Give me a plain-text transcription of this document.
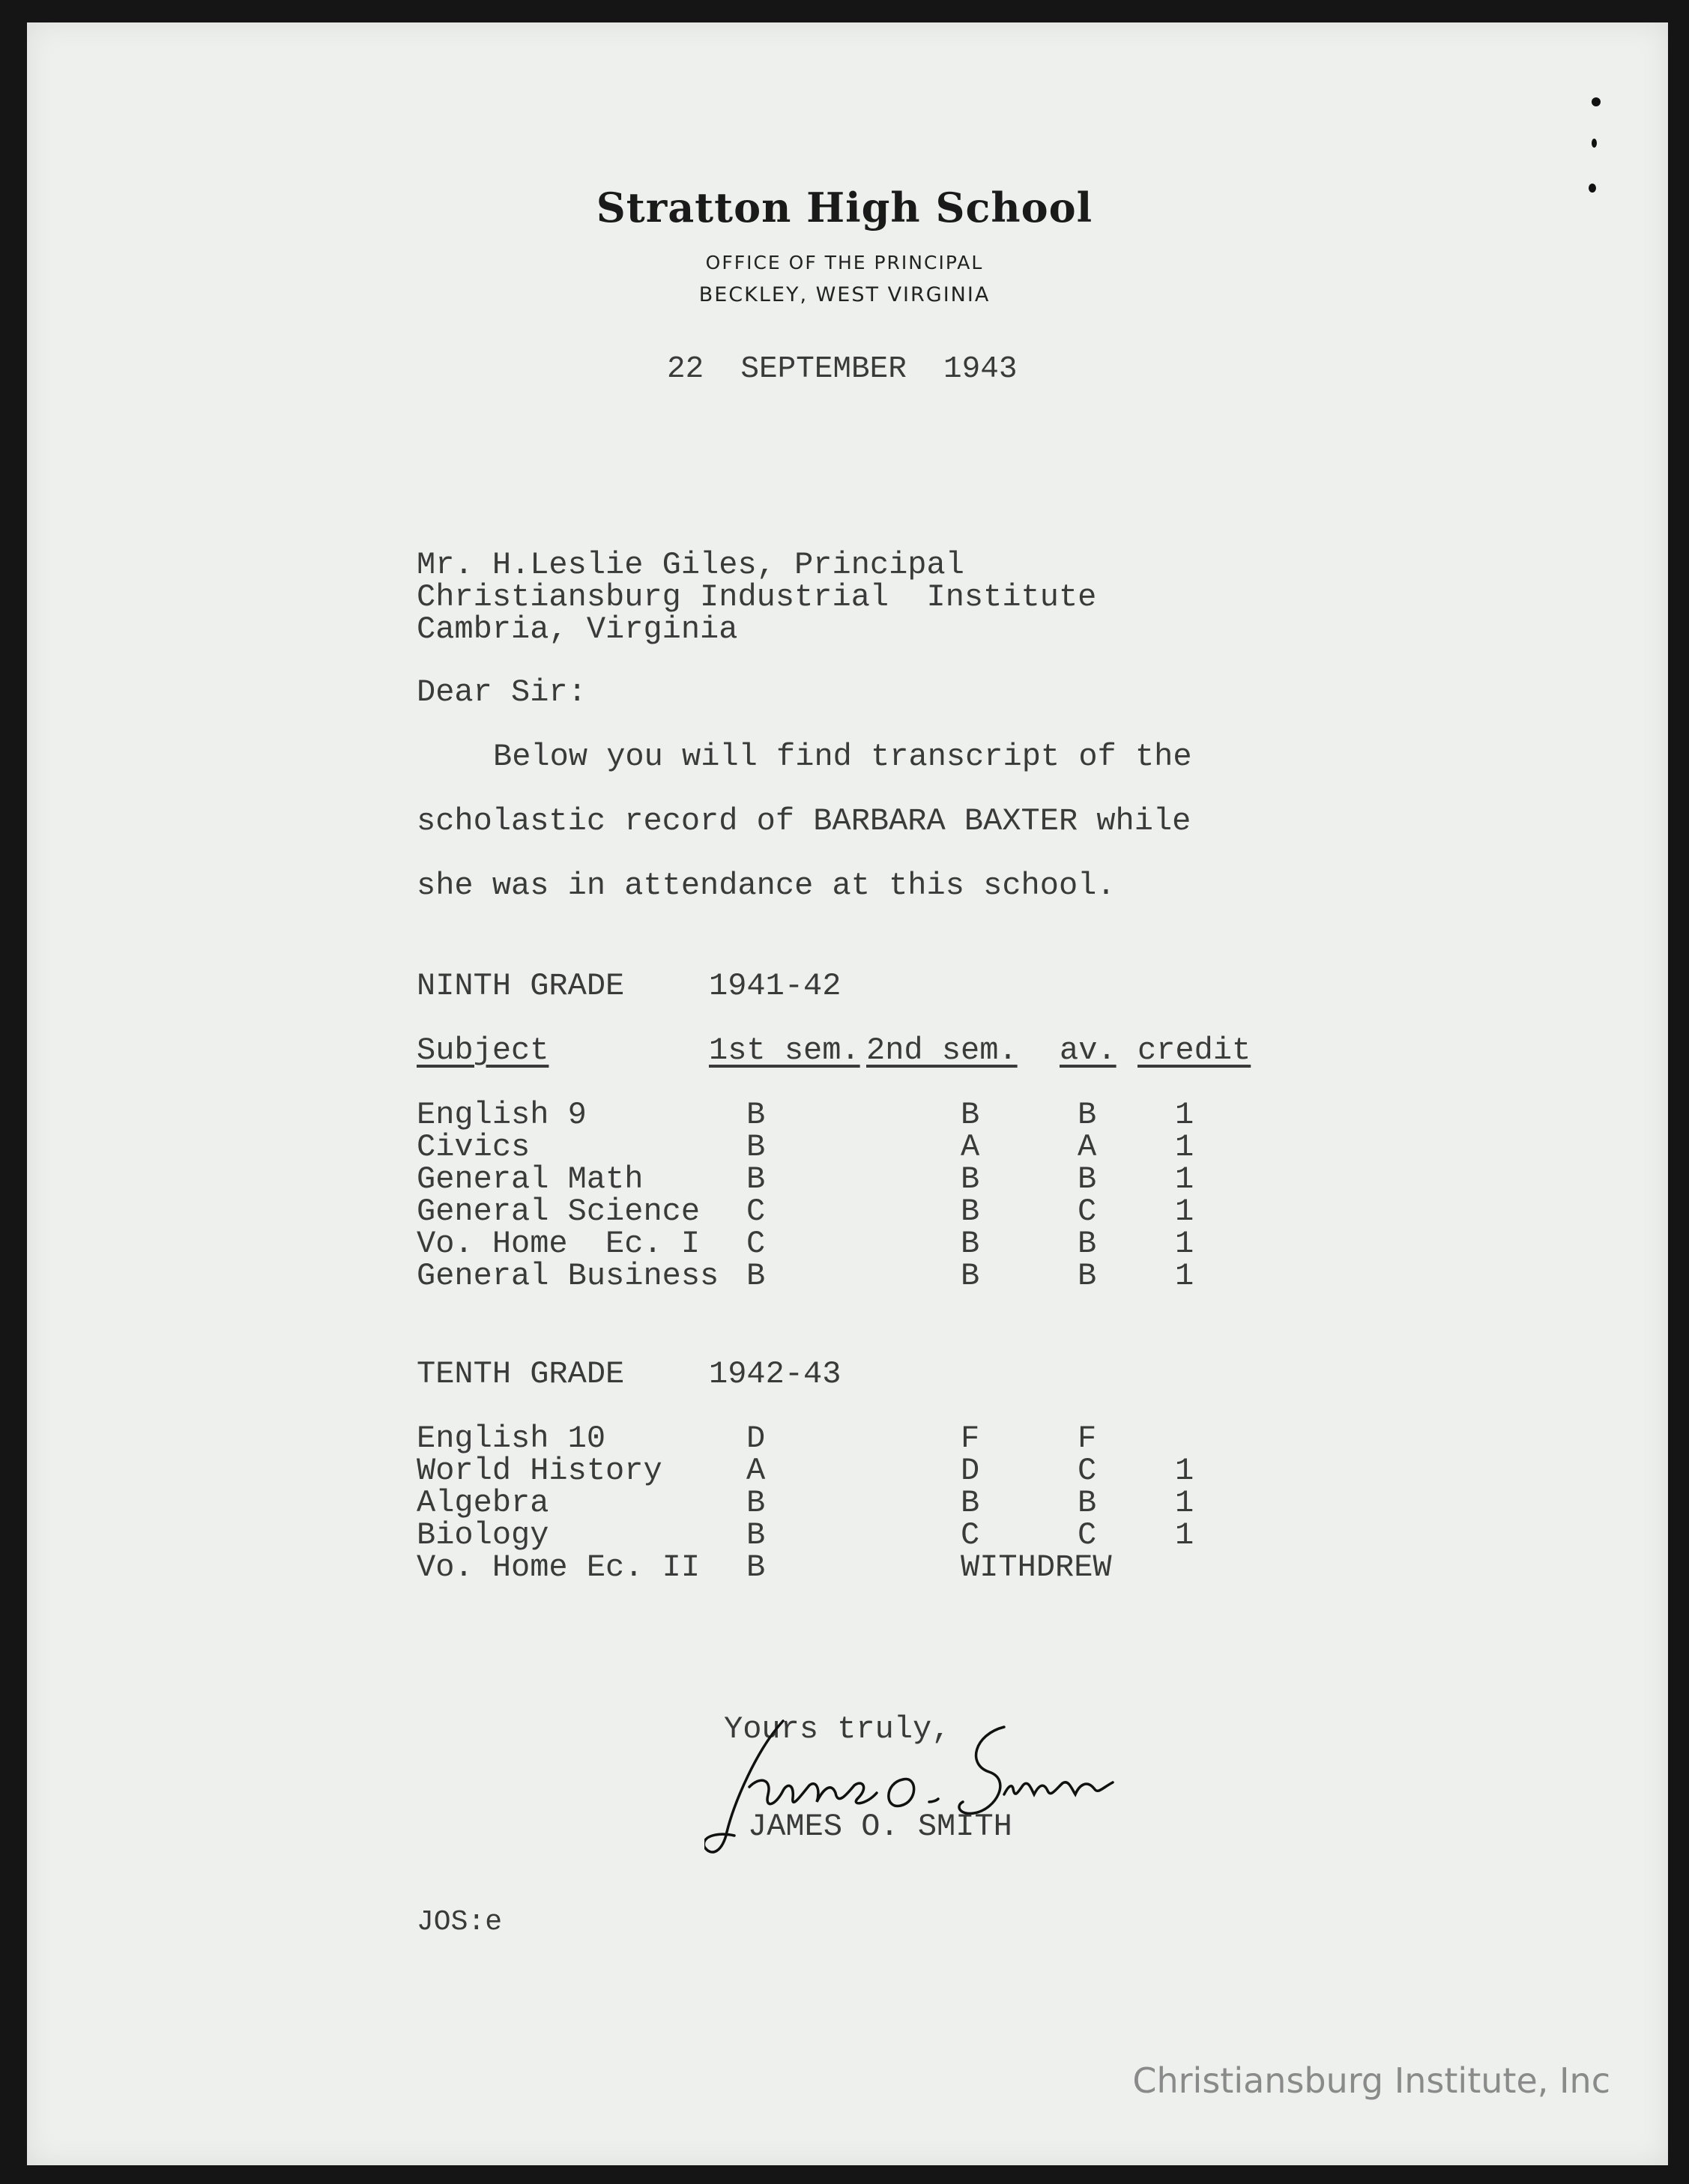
Stratton High School
OFFICE OF THE PRINCIPAL
BECKLEY, WEST VIRGINIA
22  SEPTEMBER  1943
Mr. H.Leslie Giles, Principal
Christiansburg Industrial  Institute
Cambria, Virginia
Dear Sir:
Below you will find transcript of the
scholastic record of BARBARA BAXTER while
she was in attendance at this school.
NINTH GRADE	1941-42
Subject	1st sem. 2nd sem. av. credit
English 9	B	B	B 1
Civics	B	A	A 1
General Math	B	B	B 1
General Science C	B	C 1
Vo. Home  Ec. I C	B	B 1
General Business B	B	B 1
TENTH GRADE	1942-43
English 10	D	F	F
World History	A	D	C 1
Algebra	B	B	B 1
Biology	B	C	C 1
Vo. Home Ec. II B	WITHDREW
Yours truly,
JAMES O. SMITH
JOS:e
Christiansburg Institute, Inc
